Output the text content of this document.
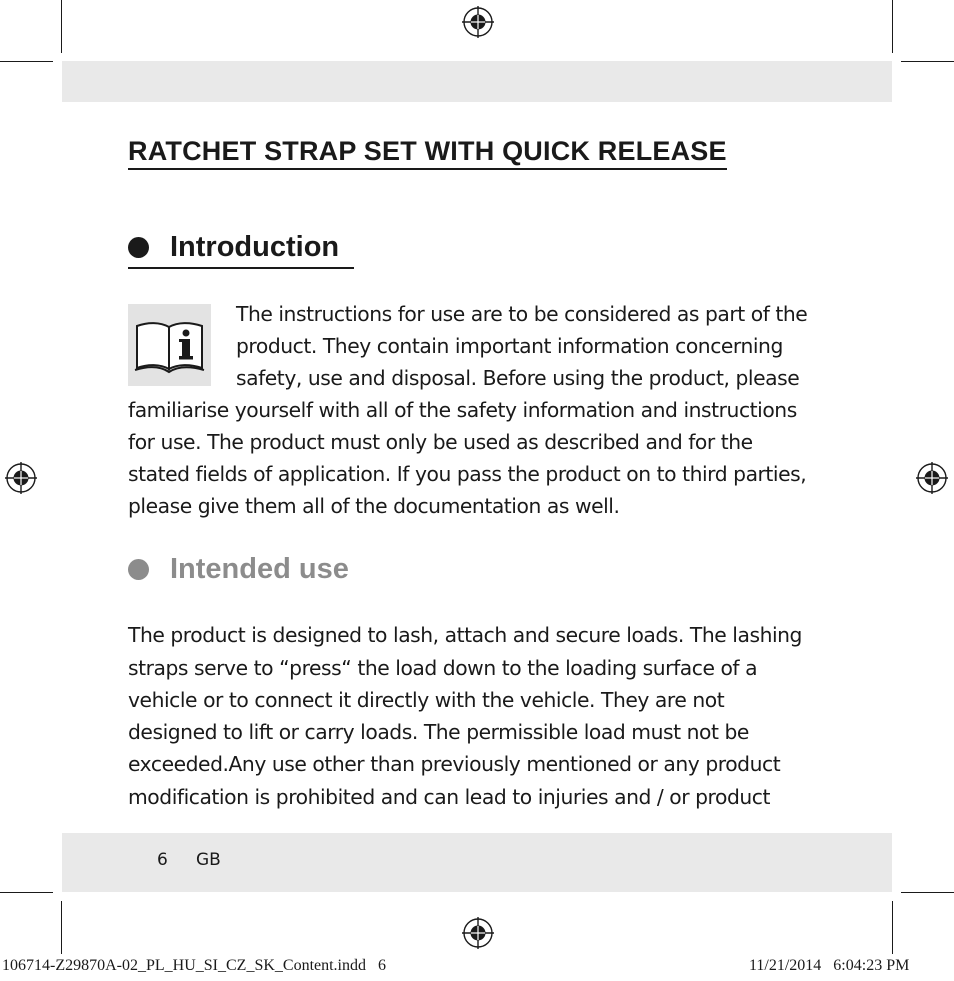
RATCHET STRAP SET WITH QUICK RELEASE
Introduction

The instructions for use are to be considered as part of the

product. They contain important information concerning

safety, use and disposal. Before using the product, please

familiarise yourself with all of the safety information and instructions

for use. The product must only be used as described and for the

stated fields of application. If you pass the product on to third parties,

please give them all of the documentation as well.

Intended use

The product is designed to lash, attach and secure loads. The lashing

straps serve to “press“ the load down to the loading surface of a

vehicle or to connect it directly with the vehicle. They are not

designed to lift or carry loads. The permissible load must not be

exceeded.Any use other than previously mentioned or any product

modification is prohibited and can lead to injuries and / or product

6 GB
106714-Z29870A-02_PL_HU_SI_CZ_SK_Content.indd   6	11/21/2014   6:04:23 PM
